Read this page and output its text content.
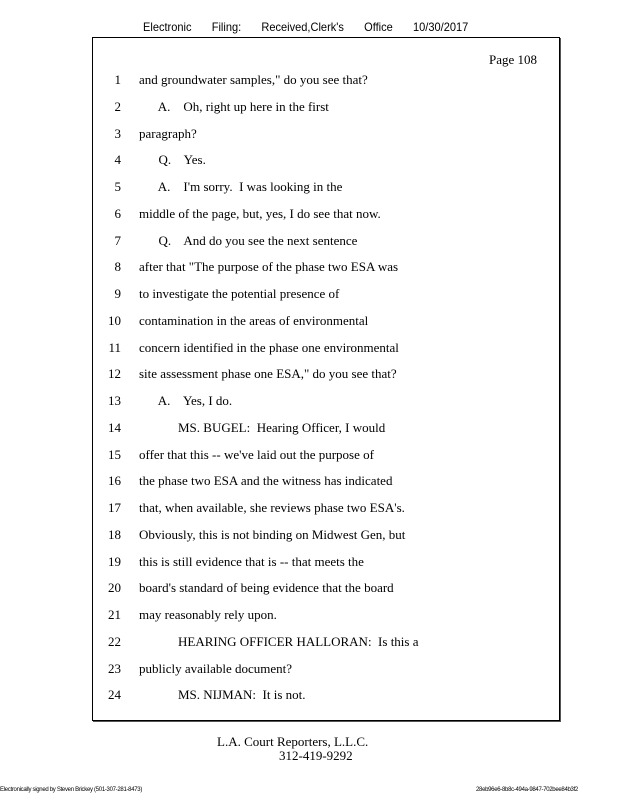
Electronic Filing: Received,Clerk's Office 10/30/2017
Page 108
1 and groundwater samples," do you see that?
2 A.    Oh, right up here in the first
3 paragraph?
4 Q.    Yes.
5 A.    I'm sorry.  I was looking in the
6 middle of the page, but, yes, I do see that now.
7 Q.    And do you see the next sentence
8 after that "The purpose of the phase two ESA was
9 to investigate the potential presence of
10 contamination in the areas of environmental
11 concern identified in the phase one environmental
12 site assessment phase one ESA," do you see that?
13 A.    Yes, I do.
14 MS. BUGEL:  Hearing Officer, I would
15 offer that this -- we've laid out the purpose of
16 the phase two ESA and the witness has indicated
17 that, when available, she reviews phase two ESA's.
18 Obviously, this is not binding on Midwest Gen, but
19 this is still evidence that is -- that meets the
20 board's standard of being evidence that the board
21 may reasonably rely upon.
22 HEARING OFFICER HALLORAN:  Is this a
23 publicly available document?
24 MS. NIJMAN:  It is not.
L.A. Court Reporters, L.L.C.
312-419-9292
Electronically signed by Steven Brickey (501-307-281-8473)	28eb96e6-8b8c-494a-9847-702bee84b3f2
